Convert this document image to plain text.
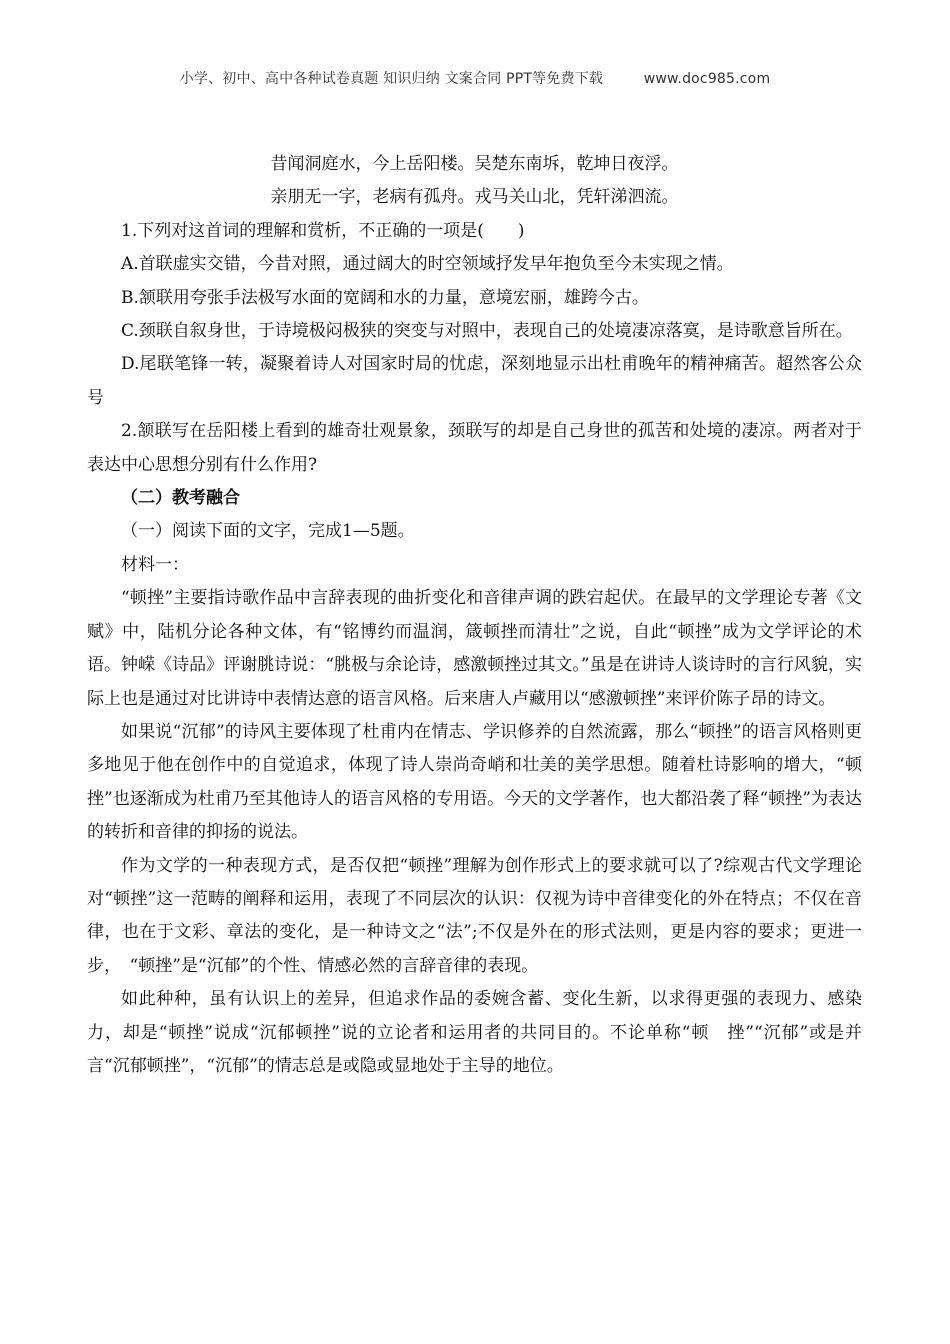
小学、初中、高中各种试卷真题 知识归纳 文案合同 PPT等免费下载	www.doc985.com

昔闻洞庭水，今上岳阳楼。吴楚东南坼，乾坤日夜浮。

亲朋无一字，老病有孤舟。戎马关山北，凭轩涕泗流。

1.下列对这首词的理解和赏析，不正确的一项是(　　)

A.首联虚实交错，今昔对照，通过阔大的时空领域抒发早年抱负至今未实现之情。

B.颔联用夸张手法极写水面的宽阔和水的力量，意境宏丽，雄跨今古。

C.颈联自叙身世，于诗境极闷极狭的突变与对照中，表现自己的处境凄凉落寞，是诗歌意旨所在。

D.尾联笔锋一转，凝聚着诗人对国家时局的忧虑，深刻地显示出杜甫晚年的精神痛苦。超然客公众号

2.颔联写在岳阳楼上看到的雄奇壮观景象，颈联写的却是自己身世的孤苦和处境的凄凉。两者对于表达中心思想分别有什么作用?

（二）教考融合

（一）阅读下面的文字，完成1—5题。

材料一：

“顿挫”主要指诗歌作品中言辞表现的曲折变化和音律声调的跌宕起伏。在最早的文学理论专著《文赋》中，陆机分论各种文体，有“铭博约而温润，箴顿挫而清壮”之说，自此“顿挫”成为文学评论的术语。钟嵘《诗品》评谢朓诗说：“朓极与余论诗，感激顿挫过其文。”虽是在讲诗人谈诗时的言行风貌，实际上也是通过对比讲诗中表情达意的语言风格。后来唐人卢藏用以“感激顿挫”来评价陈子昂的诗文。

如果说“沉郁”的诗风主要体现了杜甫内在情志、学识修养的自然流露，那么“顿挫”的语言风格则更多地见于他在创作中的自觉追求，体现了诗人崇尚奇峭和壮美的美学思想。随着杜诗影响的增大，“顿挫”也逐渐成为杜甫乃至其他诗人的语言风格的专用语。今天的文学著作，也大都沿袭了释“顿挫”为表达的转折和音律的抑扬的说法。

作为文学的一种表现方式，是否仅把“顿挫”理解为创作形式上的要求就可以了?综观古代文学理论对“顿挫”这一范畴的阐释和运用，表现了不同层次的认识：仅视为诗中音律变化的外在特点；不仅在音律，也在于文彩、章法的变化，是一种诗文之“法”;不仅是外在的形式法则，更是内容的要求；更进一步，　“顿挫”是“沉郁”的个性、情感必然的言辞音律的表现。

如此种种，虽有认识上的差异，但追求作品的委婉含蓄、变化生新，以求得更强的表现力、感染力，却是“顿挫”说成“沉郁顿挫”说的立论者和运用者的共同目的。不论单称“顿　挫”“沉郁”或是并言“沉郁顿挫”，“沉郁”的情志总是或隐或显地处于主导的地位。
